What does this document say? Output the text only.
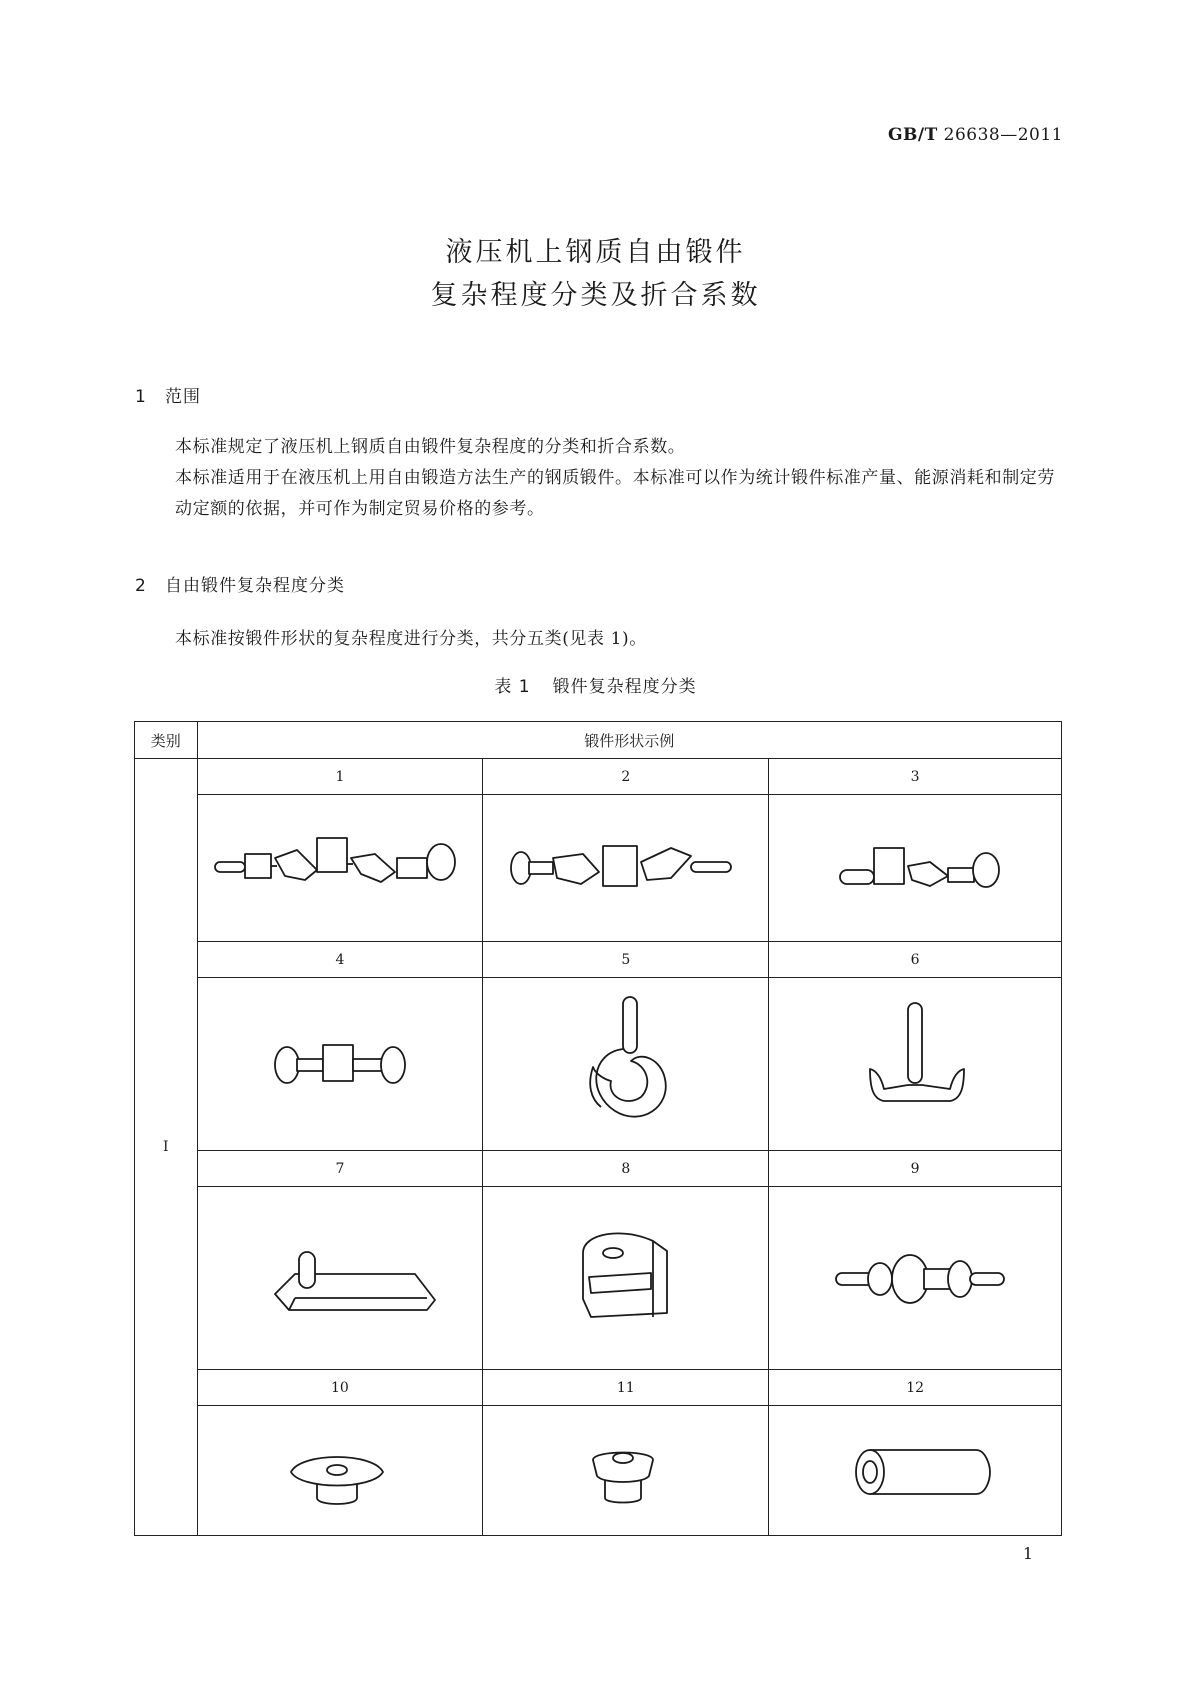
GB/T 26638—2011
液压机上钢质自由锻件
复杂程度分类及折合系数
1 范围
本标准规定了液压机上钢质自由锻件复杂程度的分类和折合系数。
本标准适用于在液压机上用自由锻造方法生产的钢质锻件。本标准可以作为统计锻件标准产量、能源消耗和制定劳动定额的依据，并可作为制定贸易价格的参考。
2 自由锻件复杂程度分类
本标准按锻件形状的复杂程度进行分类，共分五类(见表 1)。
表 1 锻件复杂程度分类
类别	锻件形状示例		
I	1	2	3

	4	5	6

	7	8	9

	10	11	12

1
